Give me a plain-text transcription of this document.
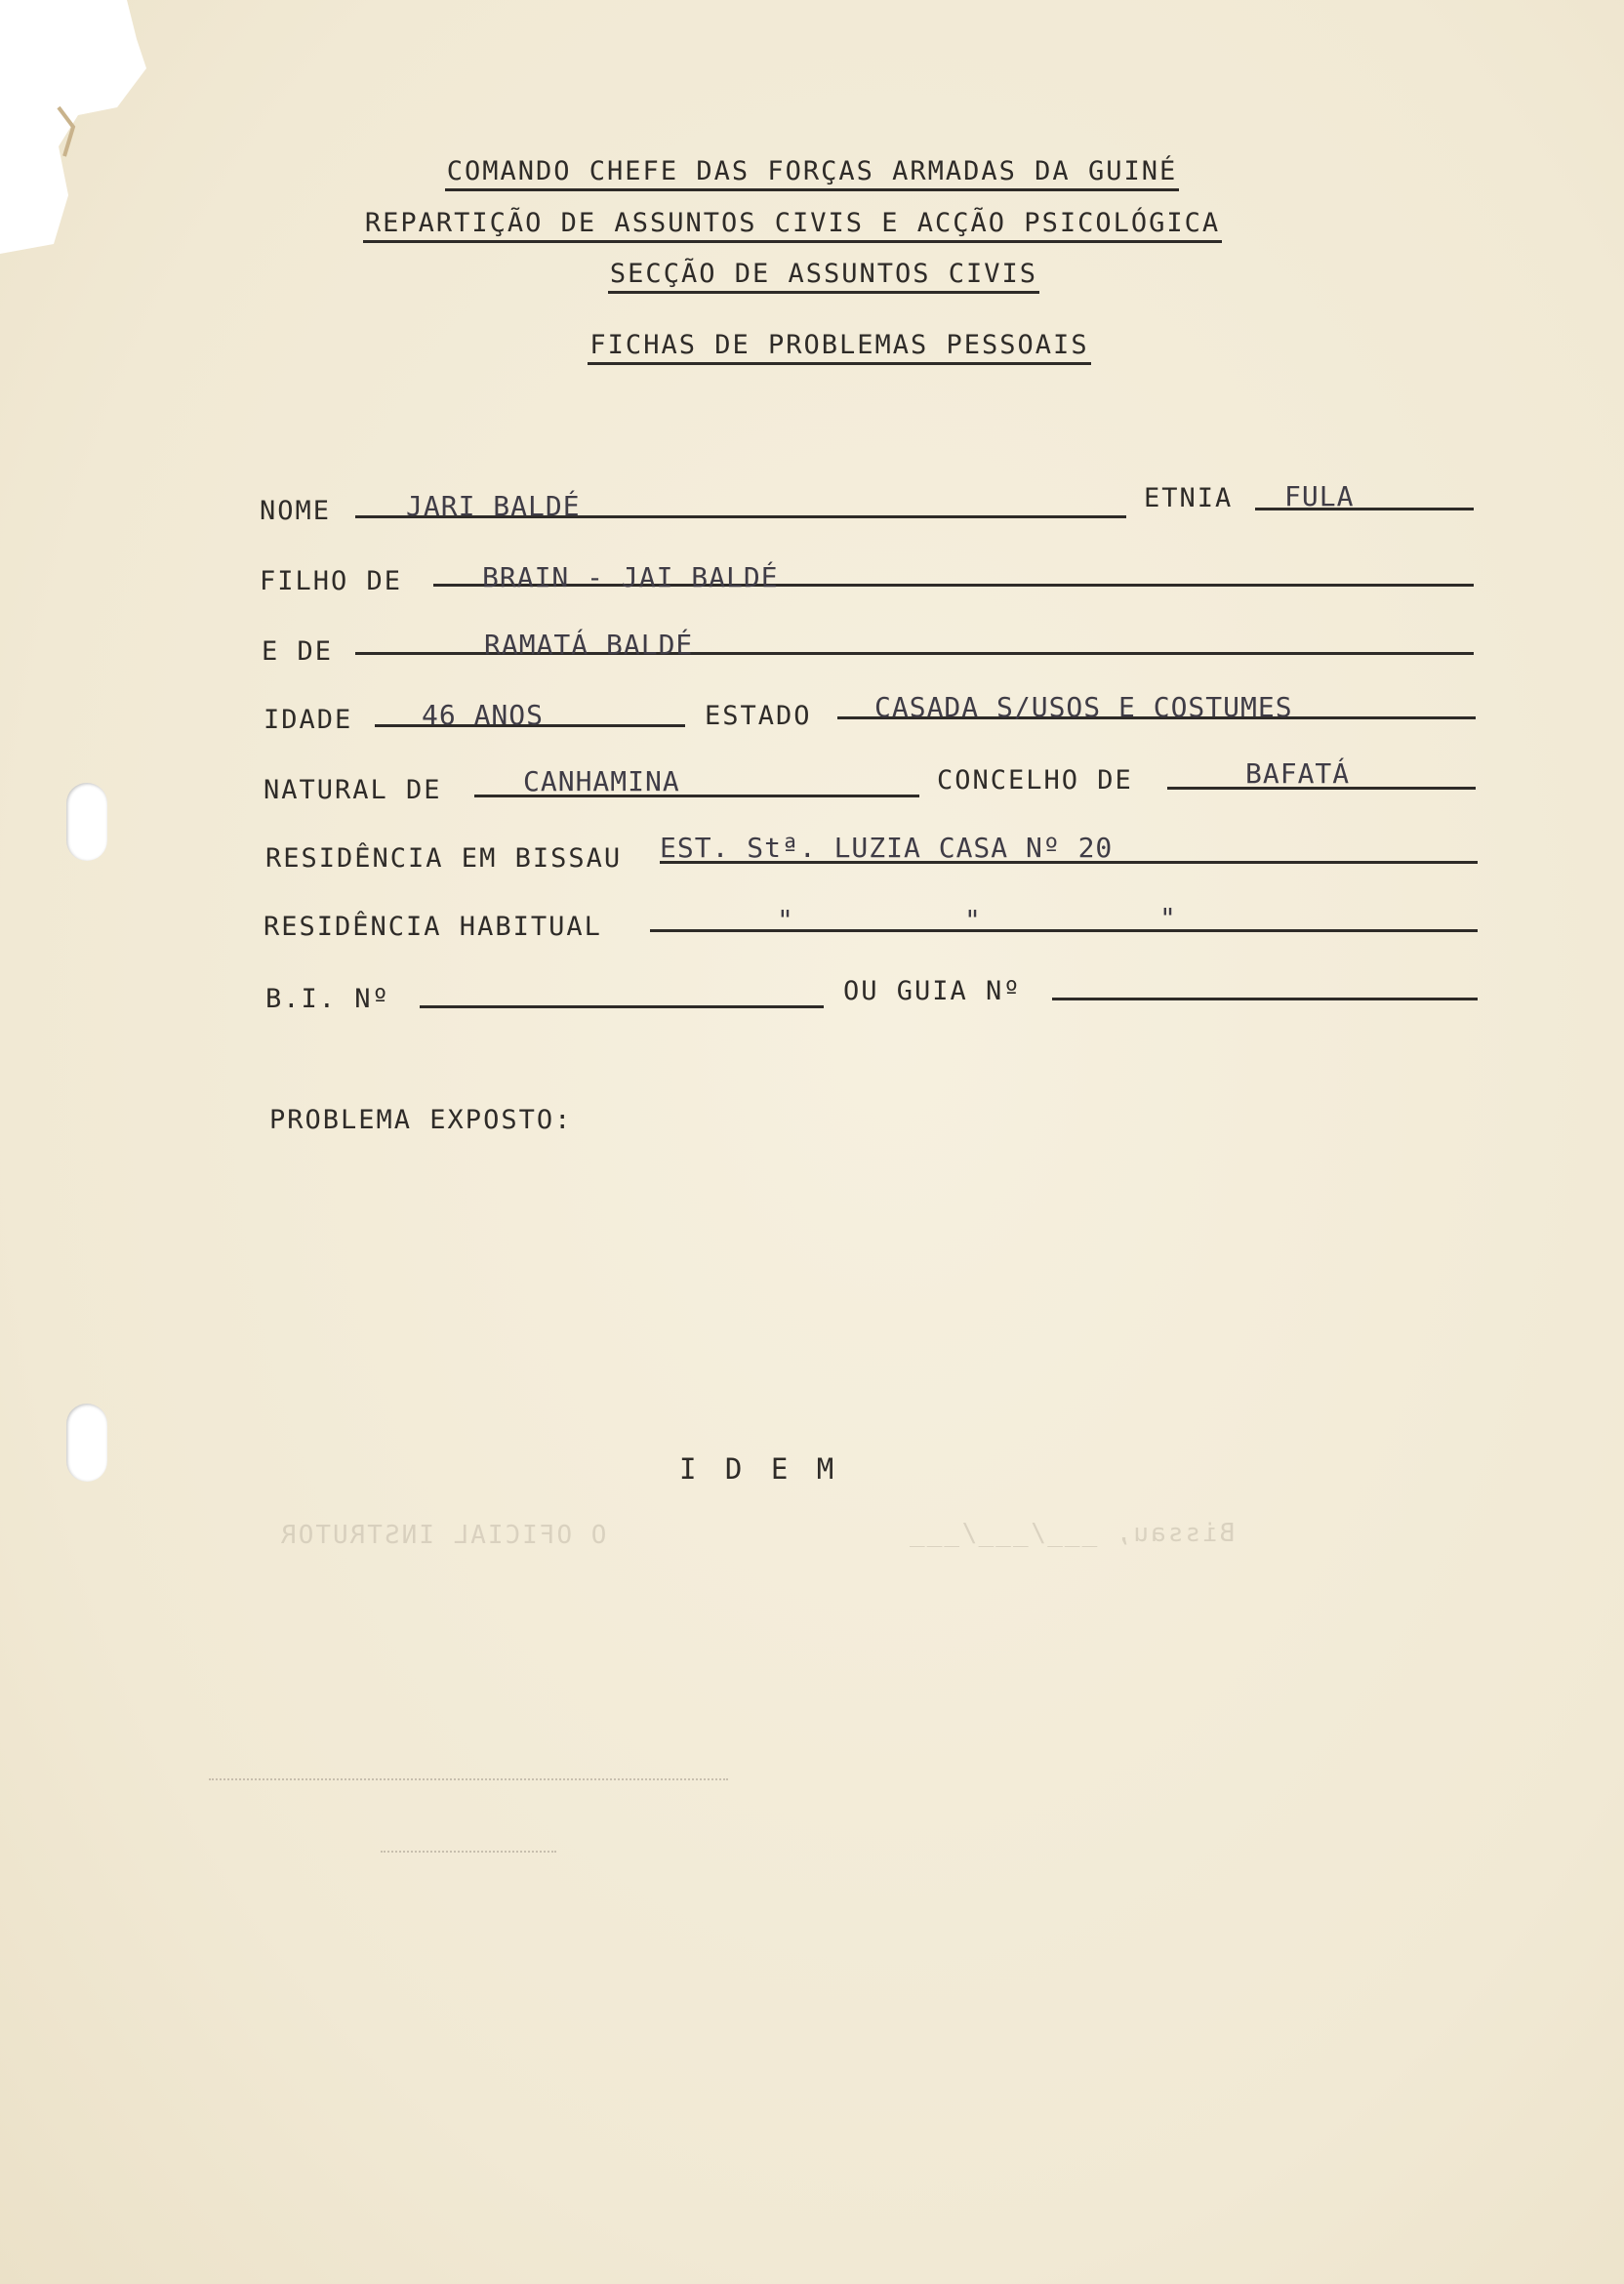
COMANDO CHEFE DAS FORÇAS ARMADAS DA GUINÉ
REPARTIÇÃO DE ASSUNTOS CIVIS E ACÇÃO PSICOLÓGICA
SECÇÃO DE ASSUNTOS CIVIS
FICHAS DE PROBLEMAS PESSOAIS
NOME	JARI BALDÉ	ETNIA FULA
FILHO DE	BRAIN - JAI BALDÉ
E DE	RAMATÁ BALDÉ
IDADE	46 ANOS	ESTADO CASADA S/USOS E COSTUMES
NATURAL DE	CANHAMINA	CONCELHO DE	BAFATÁ
RESIDÊNCIA EM BISSAU EST. Stª. LUZIA CASA Nº 20
RESIDÊNCIA HABITUAL	"	"	"
B.I. Nº	OU GUIA Nº
PROBLEMA EXPOSTO:
I D E M
O OFICIAL INSTRUTOR	Bissau, ___/___/___
